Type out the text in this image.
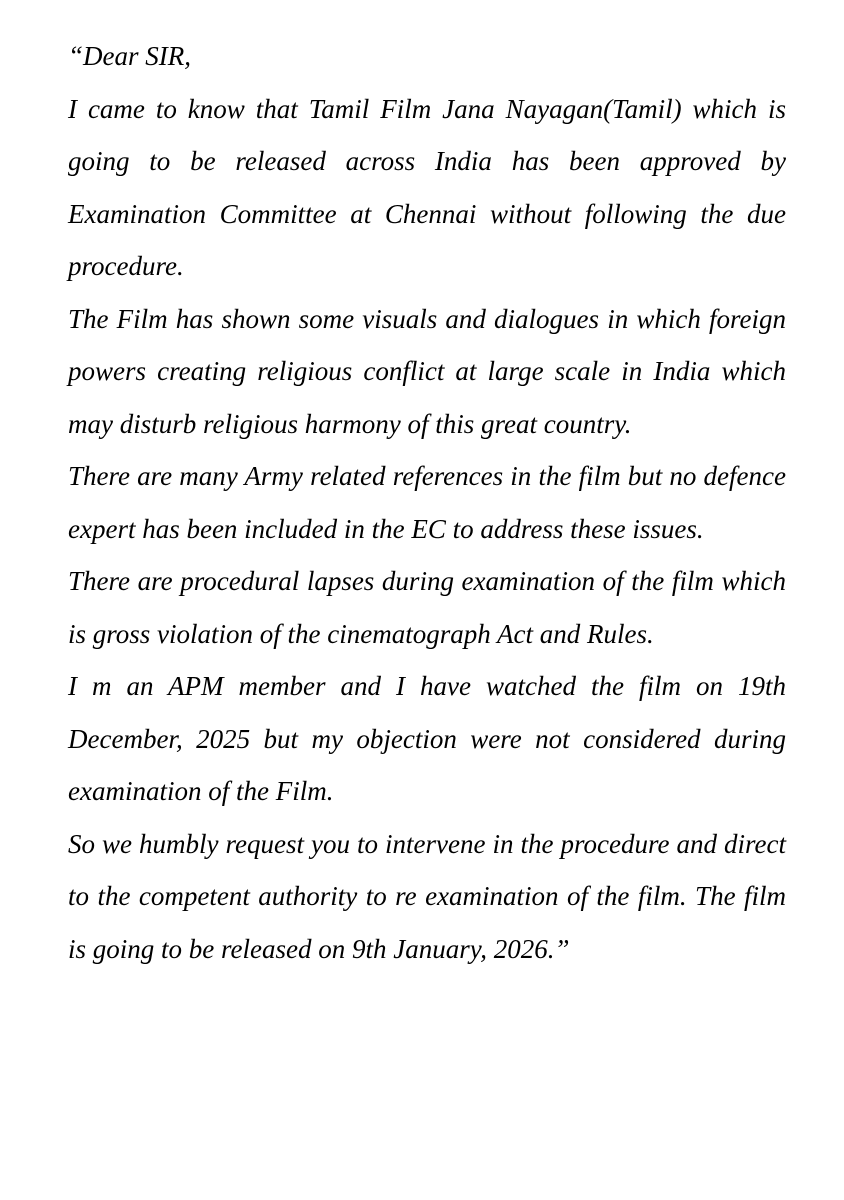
“Dear SIR,

I came to know that Tamil Film Jana Nayagan(Tamil) which is going to be released across India has been approved by Examination Committee at Chennai without following the due procedure.

The Film has shown some visuals and dialogues in which foreign powers creating religious conflict at large scale in India which may disturb religious harmony of this great country.

There are many Army related references in the film but no defence expert has been included in the EC to address these issues.

There are procedural lapses during examination of the film which is gross violation of the cinematograph Act and Rules.

I m an APM member and I have watched the film on 19th December, 2025 but my objection were not considered during examination of the Film.

So we humbly request you to intervene in the procedure and direct to the competent authority to re examination of the film. The film is going to be released on 9th January, 2026.”
